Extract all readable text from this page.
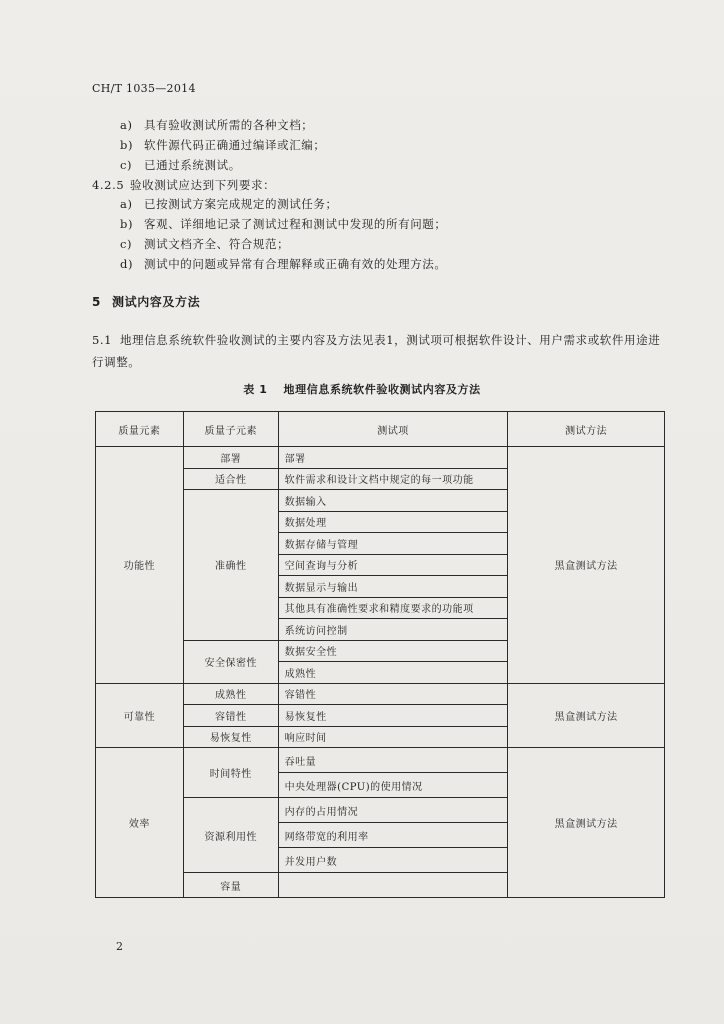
CH/T 1035—2014
a) 具有验收测试所需的各种文档；
b) 软件源代码正确通过编译或汇编；
c) 已通过系统测试。
4.2.5 验收测试应达到下列要求：
a) 已按测试方案完成规定的测试任务；
b) 客观、详细地记录了测试过程和测试中发现的所有问题；
c) 测试文档齐全、符合规范；
d) 测试中的问题或异常有合理解释或正确有效的处理方法。
5 测试内容及方法
5.1 地理信息系统软件验收测试的主要内容及方法见表1，测试项可根据软件设计、用户需求或软件用途进行调整。
表 1 地理信息系统软件验收测试内容及方法
质量元素	质量子元素	测试项	测试方法
功能性	部署	部署	黑盒测试方法
	适合性	软件需求和设计文档中规定的每一项功能	
	准确性	数据输入	
		数据处理	
		数据存储与管理	
		空间查询与分析	
		数据显示与输出	
		其他具有准确性要求和精度要求的功能项	
		系统访问控制	
	安全保密性	数据安全性	
		成熟性	
可靠性	成熟性	容错性	黑盒测试方法
	容错性	易恢复性	
	易恢复性	响应时间	
效率	时间特性	吞吐量	黑盒测试方法
		中央处理器(CPU)的使用情况	
	资源利用性	内存的占用情况	
		网络带宽的利用率	
		并发用户数	
	容量		
2
